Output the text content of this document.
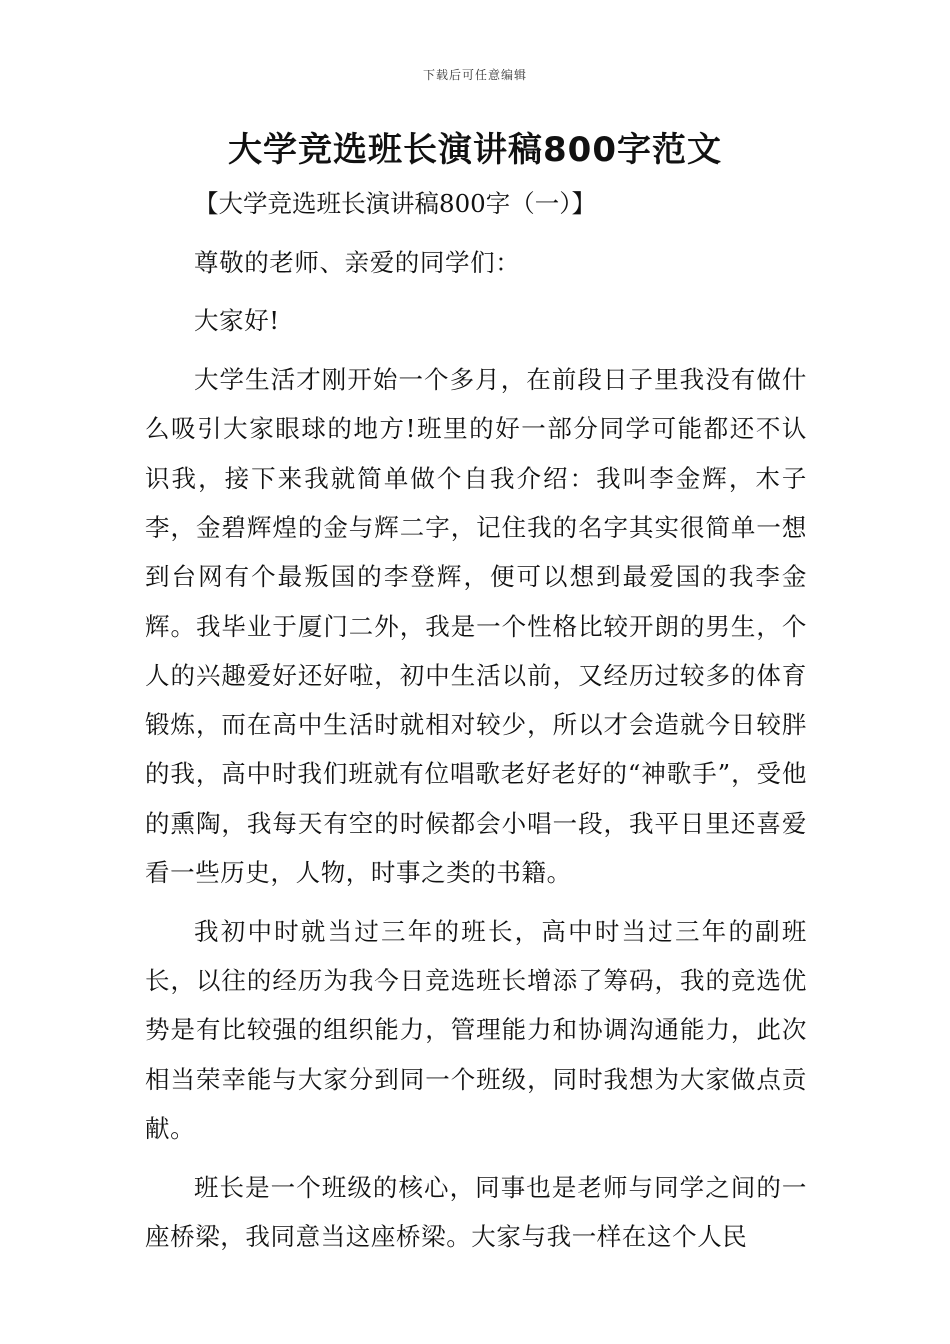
下载后可任意编辑
大学竞选班长演讲稿800字范文

【大学竞选班长演讲稿800字（一）】

尊敬的老师、亲爱的同学们：

大家好!

大学生活才刚开始一个多月，在前段日子里我没有做什么吸引大家眼球的地方!班里的好一部分同学可能都还不认识我，接下来我就简单做个自我介绍：我叫李金辉，木子李，金碧辉煌的金与辉二字，记住我的名字其实很简单一想到台网有个最叛国的李登辉，便可以想到最爱国的我李金辉。我毕业于厦门二外，我是一个性格比较开朗的男生，个人的兴趣爱好还好啦，初中生活以前，又经历过较多的体育锻炼，而在高中生活时就相对较少，所以才会造就今日较胖的我，高中时我们班就有位唱歌老好老好的“神歌手”，受他的熏陶，我每天有空的时候都会小唱一段，我平日里还喜爱看一些历史，人物，时事之类的书籍。

我初中时就当过三年的班长，高中时当过三年的副班长，以往的经历为我今日竞选班长增添了筹码，我的竞选优势是有比较强的组织能力，管理能力和协调沟通能力，此次相当荣幸能与大家分到同一个班级，同时我想为大家做点贡献。

班长是一个班级的核心，同事也是老师与同学之间的一座桥梁，我同意当这座桥梁。大家与我一样在这个人民
